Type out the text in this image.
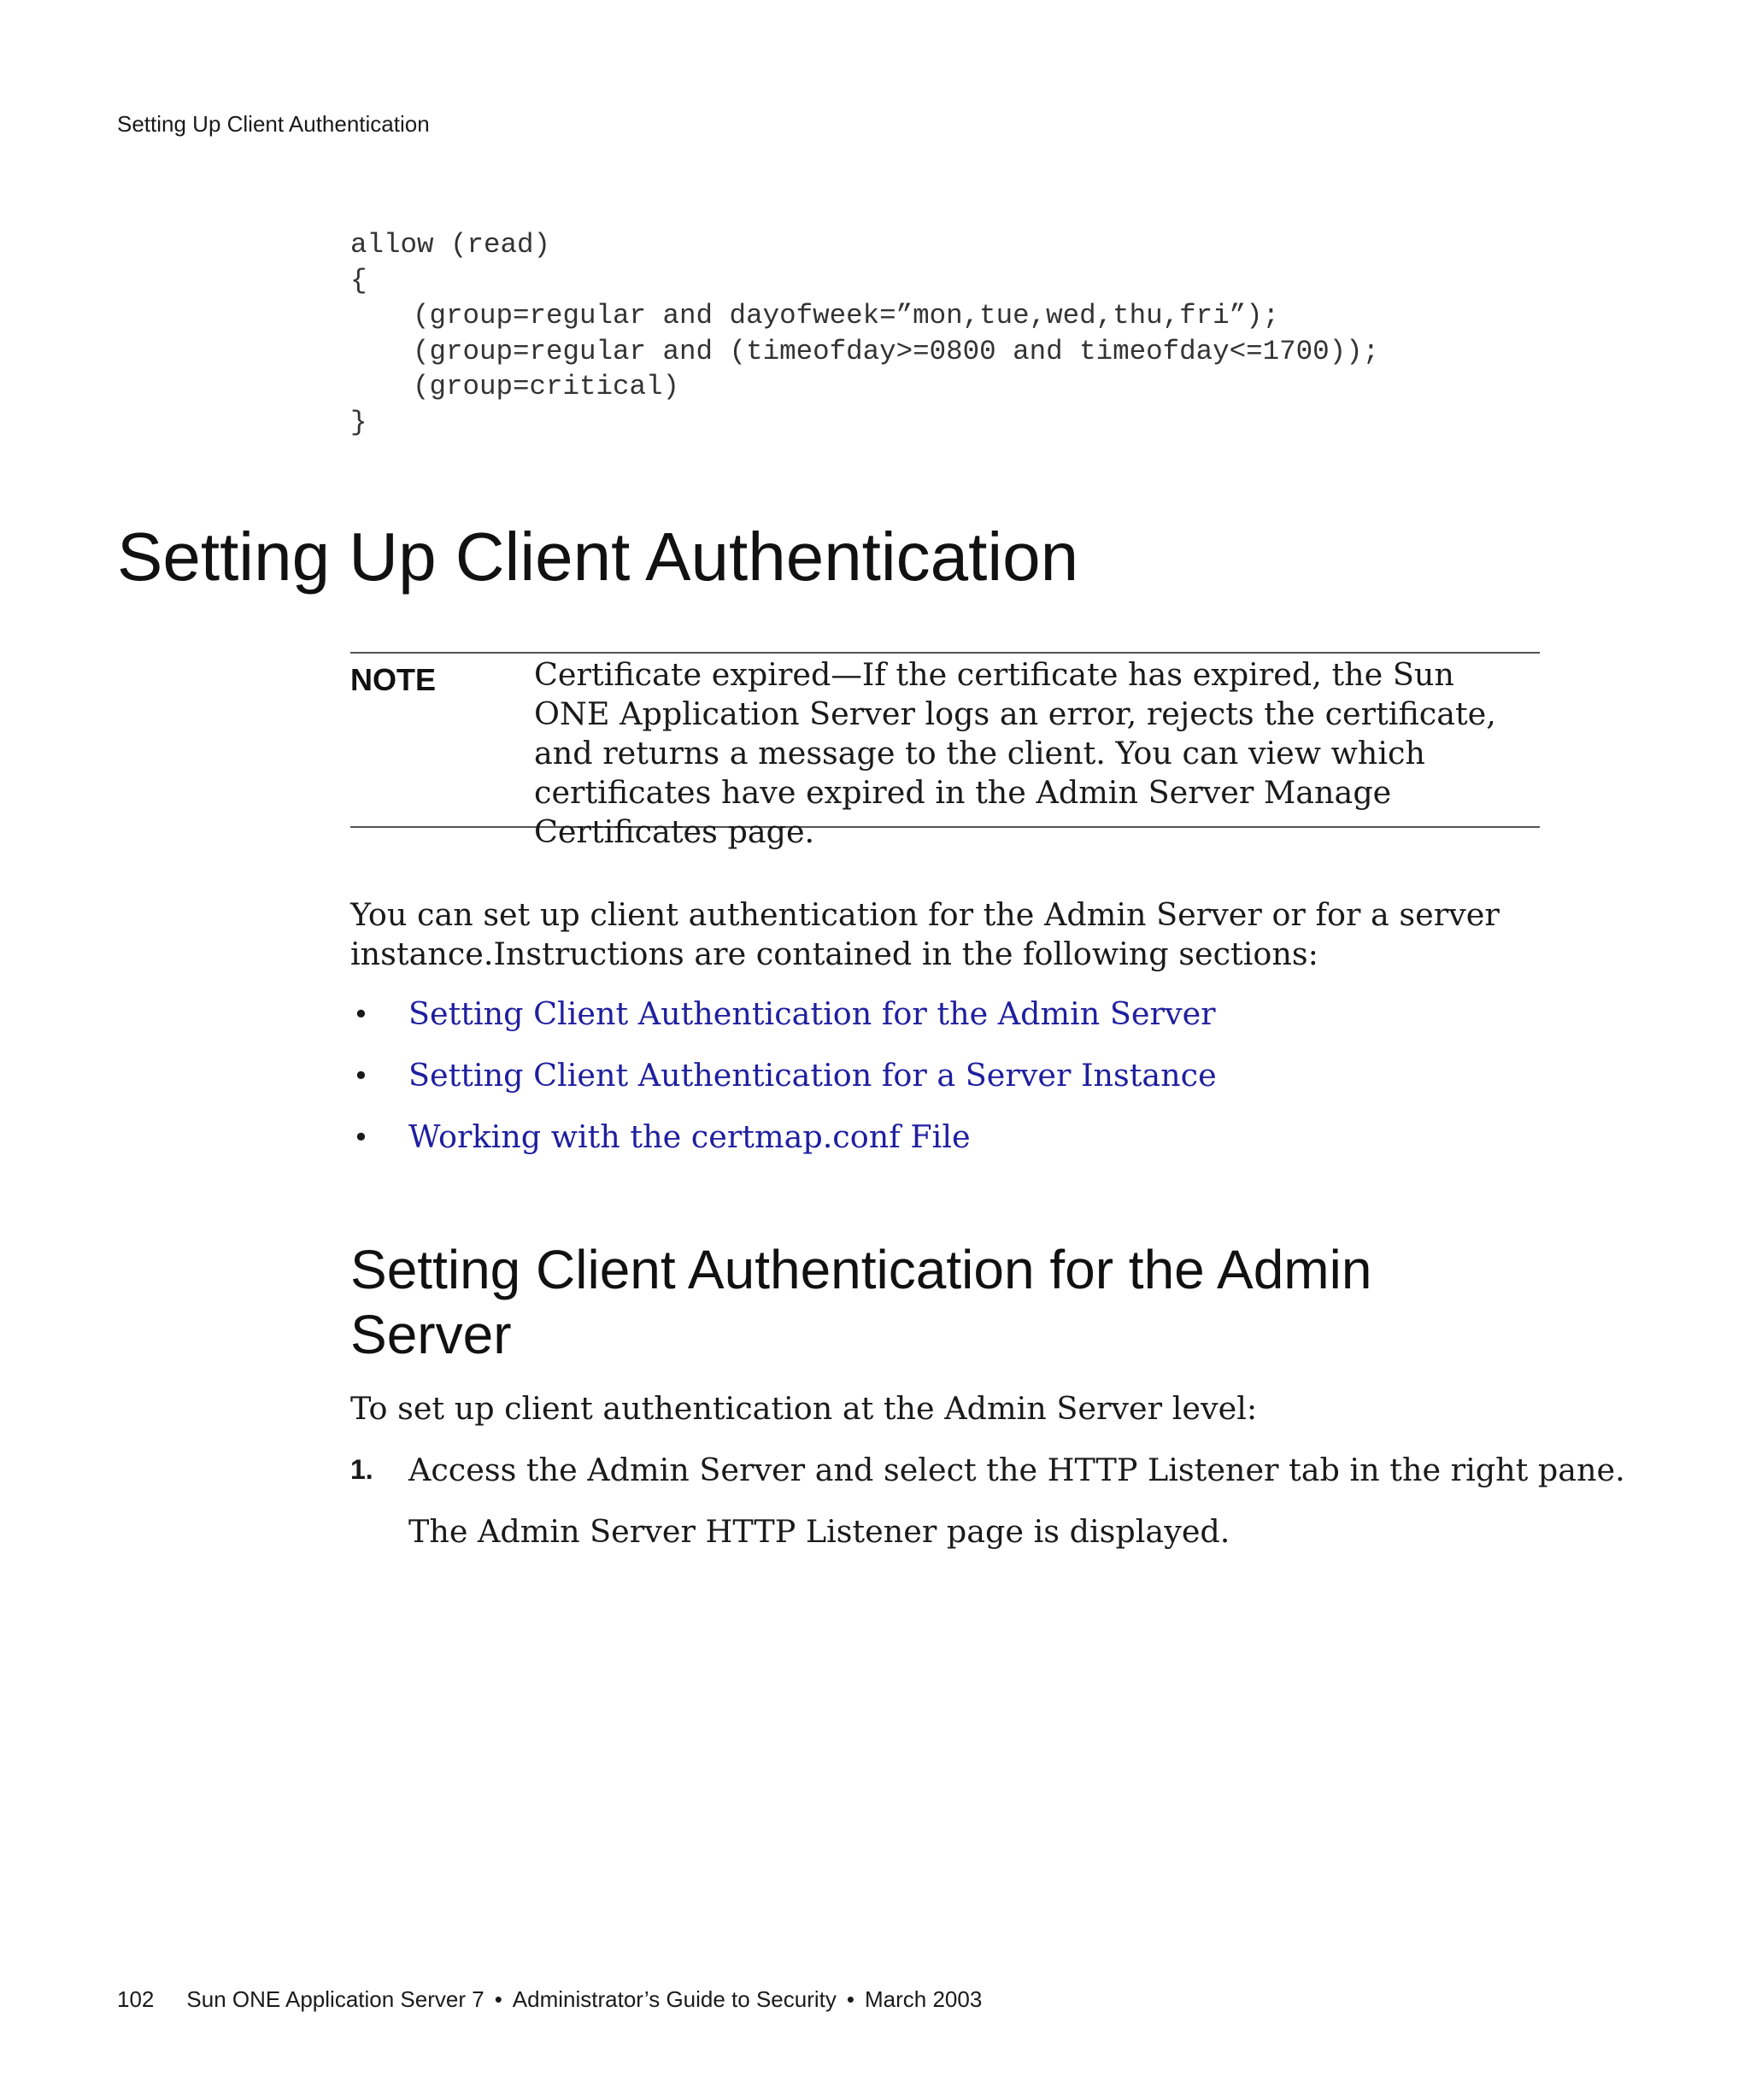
Setting Up Client Authentication
allow (read)
{
(group=regular and dayofweek=”mon,tue,wed,thu,fri”);
(group=regular and (timeofday>=0800 and timeofday<=1700));
(group=critical)
}
Setting Up Client Authentication
NOTE	Certificate expired—If the certificate has expired, the Sun ONE Application Server logs an error, rejects the certificate, and returns a message to the client. You can view which certificates have expired in the Admin Server Manage Certificates page.

You can set up client authentication for the Admin Server or for a server instance.Instructions are contained in the following sections:

• Setting Client Authentication for the Admin Server
• Setting Client Authentication for a Server Instance
• Working with the certmap.conf File
Setting Client Authentication for the Admin Server

To set up client authentication at the Admin Server level:

1. Access the Admin Server and select the HTTP Listener tab in the right pane.
The Admin Server HTTP Listener page is displayed.
102 Sun ONE Application Server 7 • Administrator’s Guide to Security • March 2003
